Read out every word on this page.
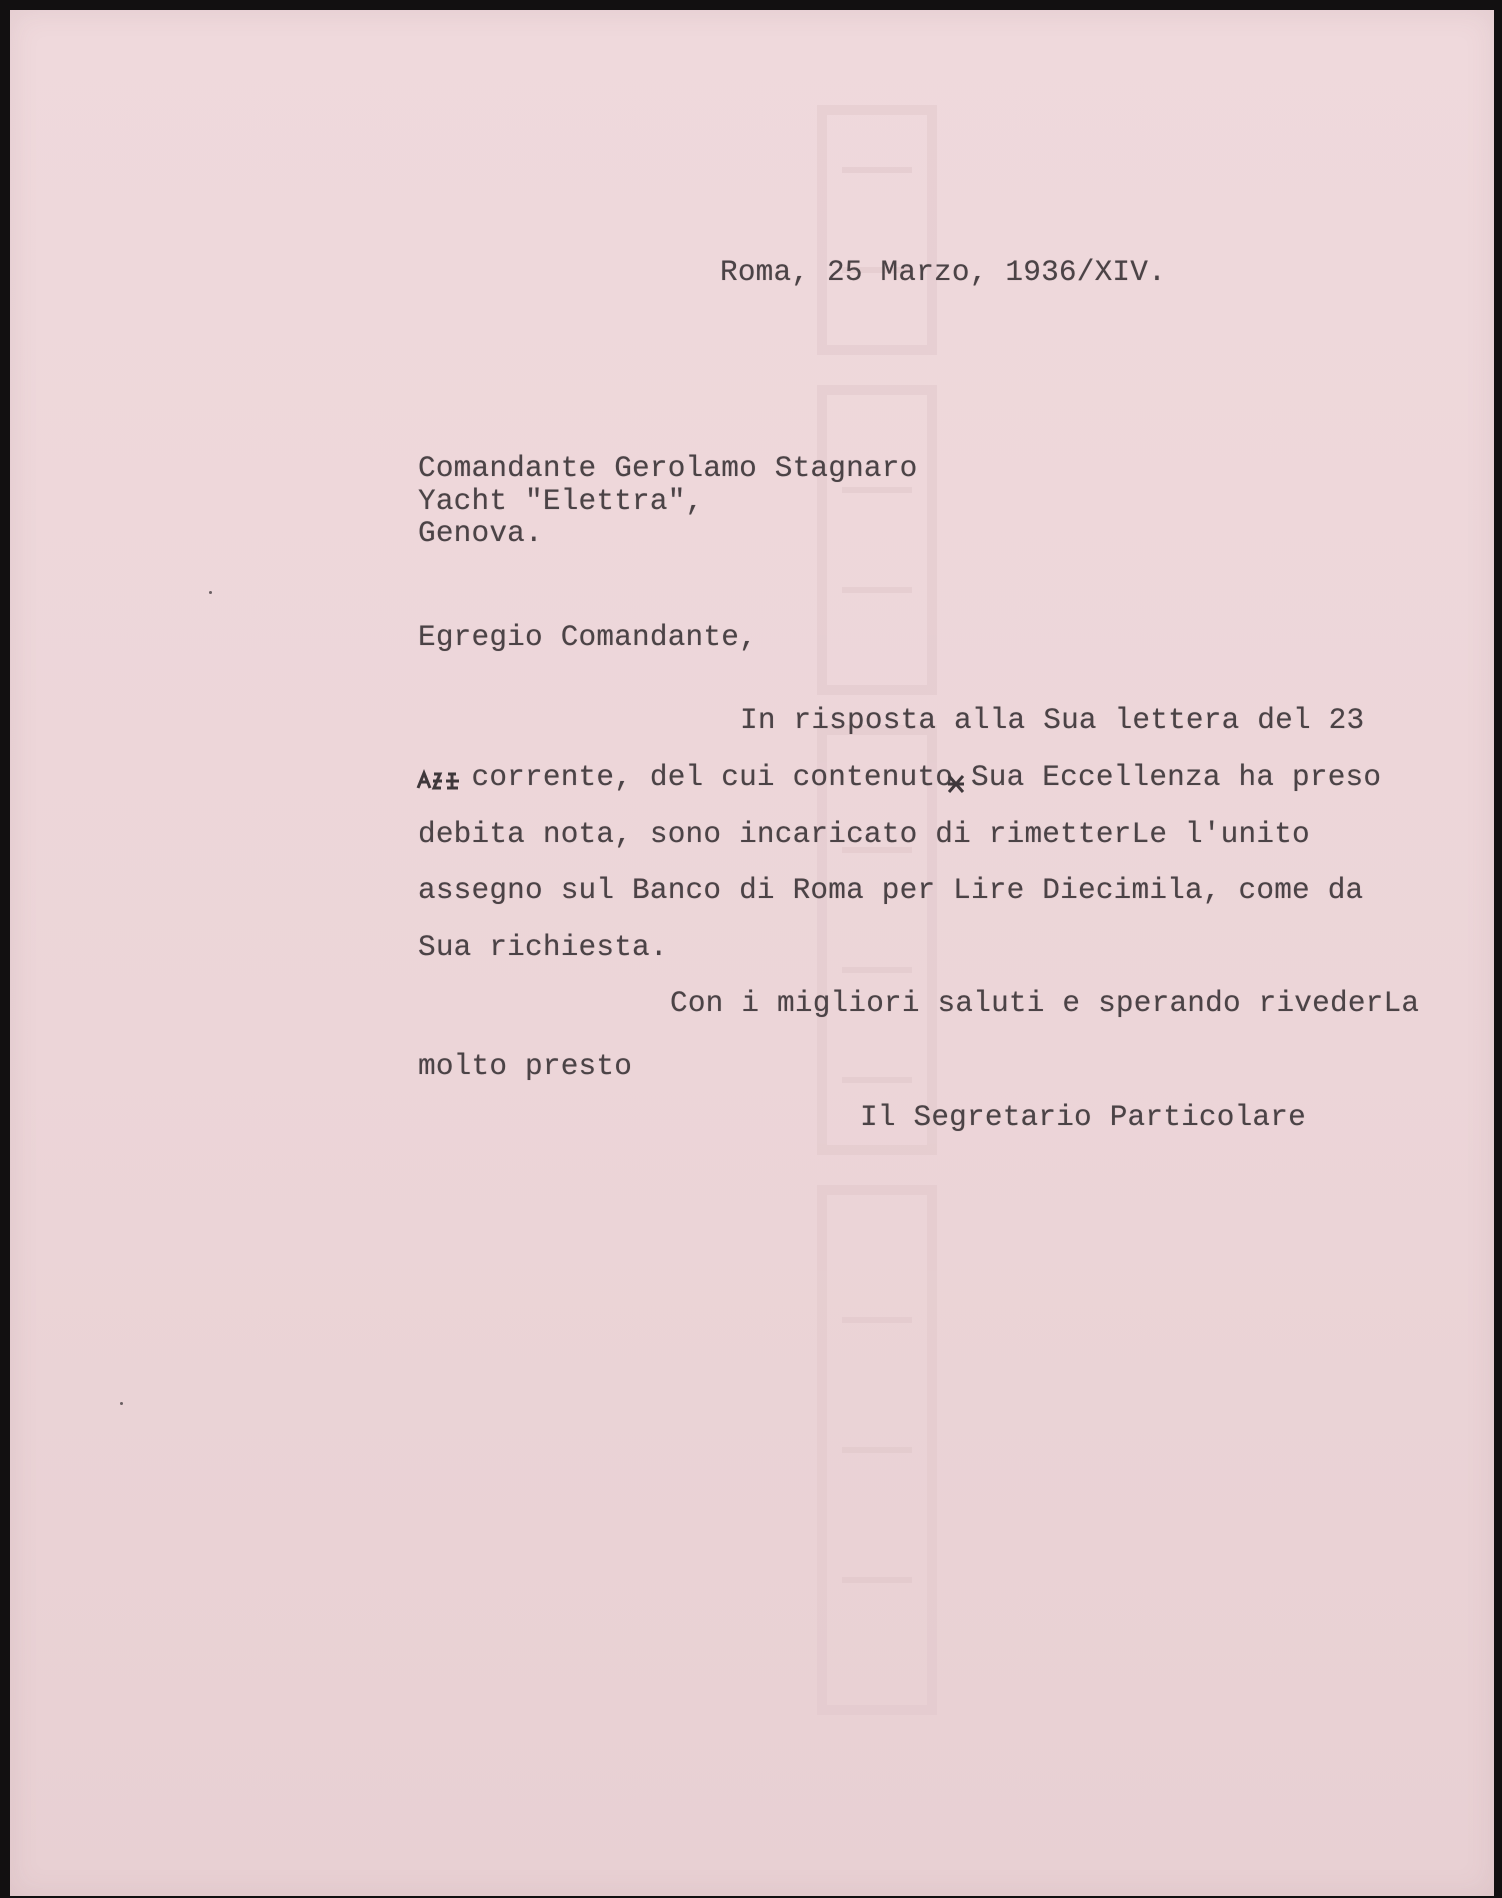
Roma, 25 Marzo, 1936/XIV.

Comandante Gerolamo Stagnaro

Yacht "Elettra",

Genova.

Egregio Comandante,

In risposta alla Sua lettera del 23

corrente, del cui contenuto Sua Eccellenza ha preso

debita nota, sono incaricato di rimetterLe l'unito

assegno sul Banco di Roma per Lire Diecimila, come da

Sua richiesta.

Con i migliori saluti e sperando rivederLa

molto presto

Il Segretario Particolare
